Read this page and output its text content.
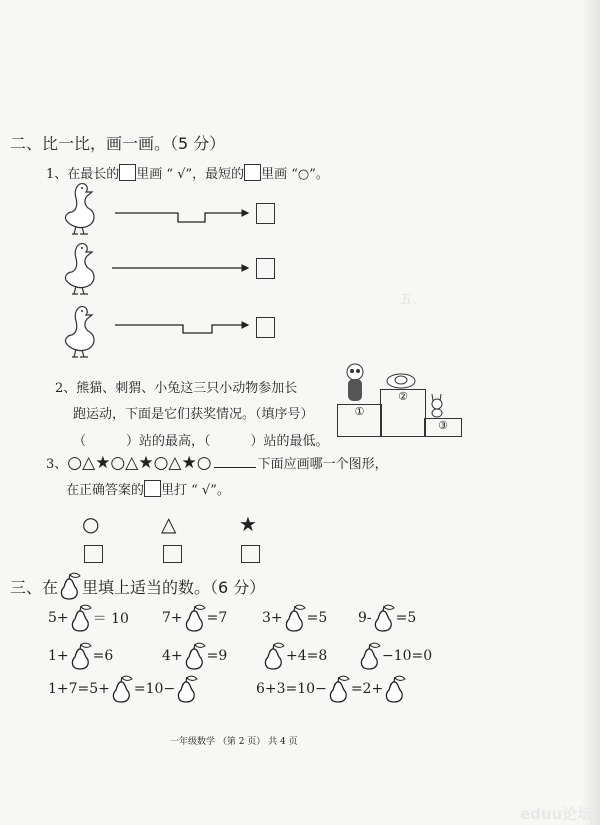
五、
二、比一比，画一画。（5 分）
1、在最长的 里画 “ √”，最短的 里画 “○”。
2、熊猫、刺猬、小兔这三只小动物参加长
跑运动，下面是它们获奖情况。（填序号）
（	）站的最高，（	）站的最低。
①
②
③
3、○△★○△★○△★○	下面应画哪一个图形，
在正确答案的 里打 “ √”。
○	△	★
三、在 里填上适当的数。（6 分）
5+ ＝ 10 7+ =7 3+ =5 9- =5
1+ =6	4+ =9	+4=8	−10=0
1+7=5+ =10−	6+3=10− =2+
一年级数学 （第 2 页） 共 4 页
eduu论坛
